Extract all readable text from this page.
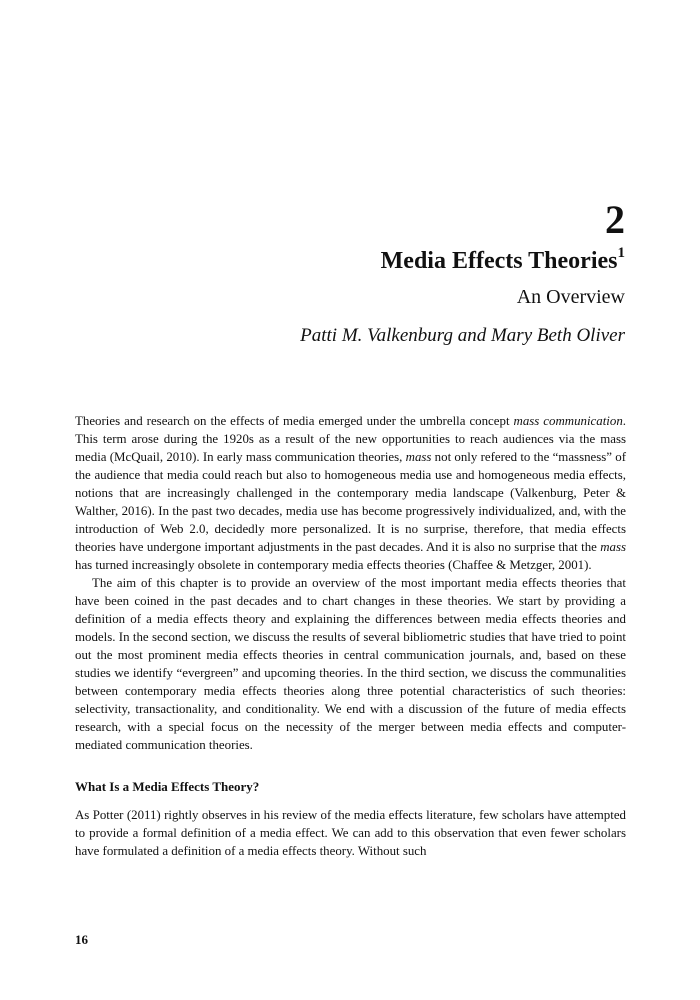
2
Media Effects Theories$^1$
An Overview
Patti M. Valkenburg and Mary Beth Oliver

Theories and research on the effects of media emerged under the umbrella concept mass communication. This term arose during the 1920s as a result of the new opportunities to reach audiences via the mass media (McQuail, 2010). In early mass communication theories, mass not only refered to the “massness” of the audience that media could reach but also to homogeneous media use and homogeneous media effects, notions that are increasingly challenged in the contemporary media landscape (Valkenburg, Peter & Walther, 2016). In the past two decades, media use has become progressively individualized, and, with the introduction of Web 2.0, decidedly more personalized. It is no surprise, therefore, that media effects theories have undergone important adjustments in the past decades. And it is also no surprise that the mass has turned increasingly obsolete in contemporary media effects theories (Chaffee & Metzger, 2001).

The aim of this chapter is to provide an overview of the most important media effects theories that have been coined in the past decades and to chart changes in these theories. We start by providing a definition of a media effects theory and explaining the differences between media effects theories and models. In the second section, we discuss the results of several bibliometric studies that have tried to point out the most prominent media effects theories in central communication journals, and, based on these studies we identify “evergreen” and upcoming theories. In the third section, we discuss the communalities between contemporary media effects theories along three potential characteristics of such theories: selectivity, transactionality, and conditionality. We end with a discussion of the future of media effects research, with a special focus on the necessity of the merger between media effects and computer-mediated communication theories.

What Is a Media Effects Theory?

As Potter (2011) rightly observes in his review of the media effects literature, few scholars have attempted to provide a formal definition of a media effect. We can add to this observation that even fewer scholars have formulated a definition of a media effects theory. Without such

16
